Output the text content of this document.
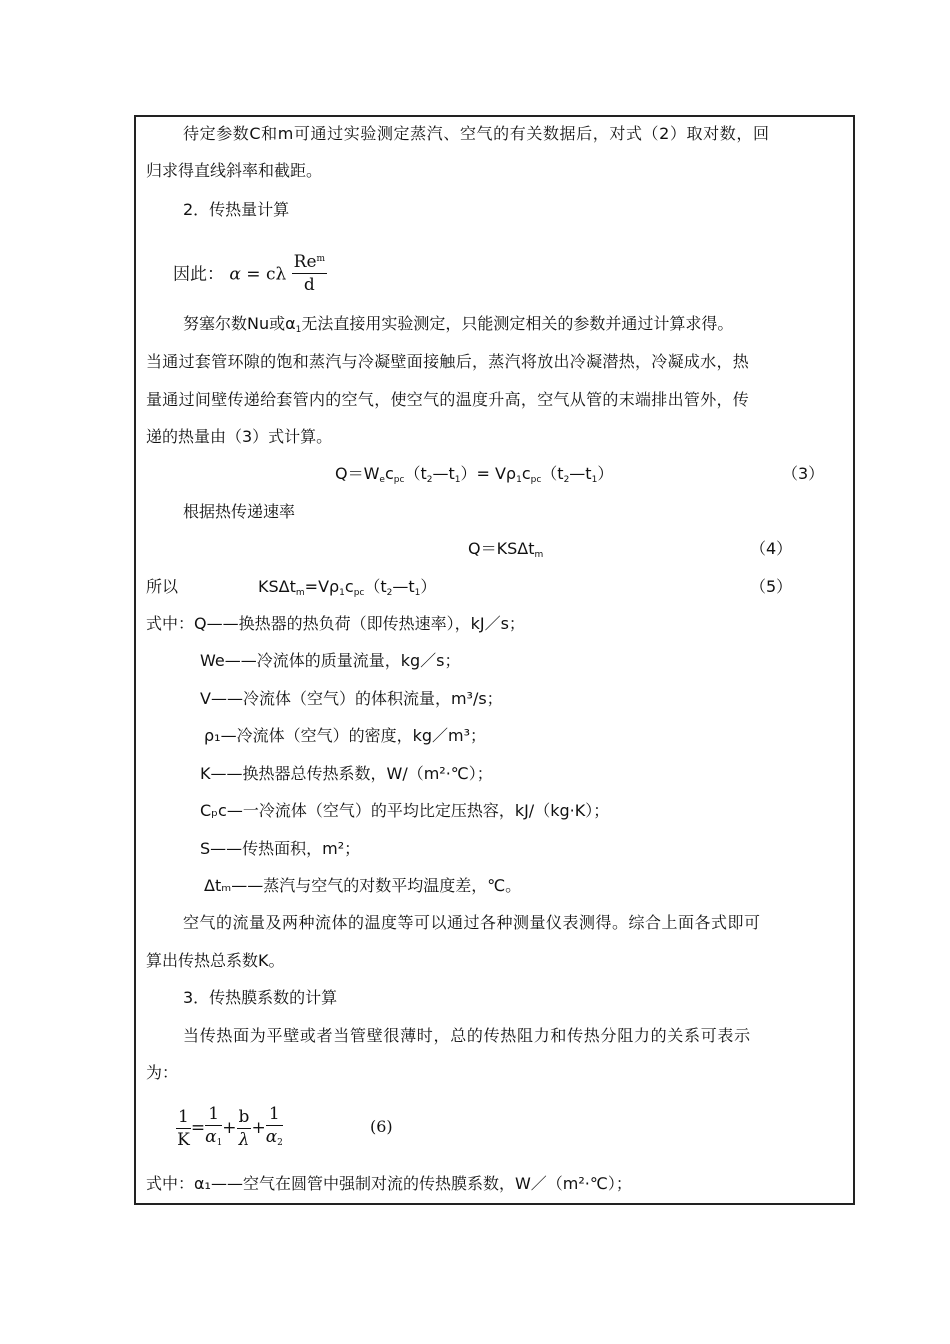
待定参数C和m可通过实验测定蒸汽、空气的有关数据后，对式（2）取对数，回
归求得直线斜率和截距。
2．传热量计算
因此： α = cλ $\frac{Re^m}{d}$
努塞尔数Nu或$\alpha_1$无法直接用实验测定，只能测定相关的参数并通过计算求得。
当通过套管环隙的饱和蒸汽与冷凝壁面接触后，蒸汽将放出冷凝潜热，冷凝成水，热
量通过间壁传递给套管内的空气，使空气的温度升高，空气从管的末端排出管外，传
递的热量由（3）式计算。
$Q=W_ec_{pc}(t_2—t_1)=$ $V\rho_1c_{pc}(t_2—t_1)$	（3）
根据热传递速率
Q＝KSΔt$_m$	（4）
所以	$KS\Delta t_m=V\rho_1c_{pc}(t_2—t_1)$	（5）
式中：Q——换热器的热负荷（即传热速率），kJ／s；
We——冷流体的质量流量，kg／s；
V——冷流体（空气）的体积流量，m³/s；
ρ₁—冷流体（空气）的密度，kg／m³；
K——换热器总传热系数，W/（m²·℃）；
Cₚc—一冷流体（空气）的平均比定压热容，kJ/（kg·K）；
S——传热面积，m²；
Δtₘ——蒸汽与空气的对数平均温度差，℃。
空气的流量及两种流体的温度等可以通过各种测量仪表测得。综合上面各式即可
算出传热总系数K。
3．传热膜系数的计算
当传热面为平壁或者当管壁很薄时，总的传热阻力和传热分阻力的关系可表示
为：
$\frac{1}{K} = \frac{1}{\alpha_1} + \frac{b}{\lambda} + \frac{1}{\alpha_2}$	(6)
式中：α₁——空气在圆管中强制对流的传热膜系数，W／（m²·℃）；
